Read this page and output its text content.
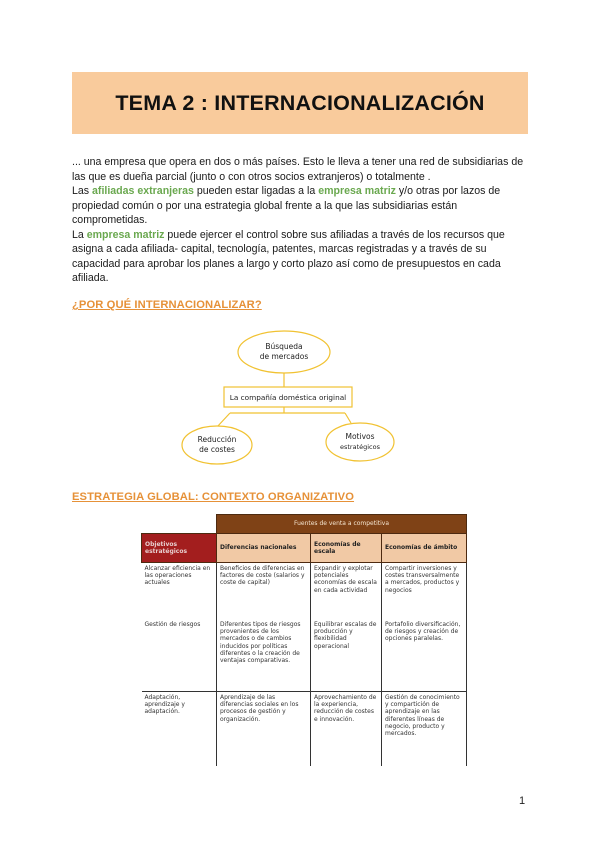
TEMA 2 : INTERNACIONALIZACIÓN

... una empresa que opera en dos o más países. Esto le lleva a tener una red de subsidiarias de las que es dueña parcial (junto o con otros socios extranjeros) o totalmente .

Las afiliadas extranjeras pueden estar ligadas a la empresa matriz y/o otras por lazos de propiedad común o por una estrategia global frente a la que las subsidiarias están comprometidas.

La empresa matriz puede ejercer el control sobre sus afiliadas a través de los recursos que asigna a cada afiliada- capital, tecnología, patentes, marcas registradas y a través de su capacidad para aprobar los planes a largo y corto plazo así como de presupuestos en cada afiliada.

¿POR QUÉ INTERNACIONALIZAR?
Búsqueda
de mercados
La compañía doméstica original
Reducción
de costes
Motivos
estratégicos
ESTRATEGIA GLOBAL: CONTEXTO ORGANIZATIVO
	Fuentes de venta a competitiva		
Objetivos estratégicos	Diferencias nacionales	Economías de escala	Economías de ámbito
Alcanzar eficiencia en las operaciones actuales	Beneficios de diferencias en factores de coste (salarios y coste de capital)	Expandir y explotar potenciales economías de escala en cada actividad	Compartir inversiones y costes transversalmente a mercados, productos y negocios
Gestión de riesgos	Diferentes tipos de riesgos provenientes de los mercados o de cambios inducidos por políticas diferentes o la creación de ventajas comparativas.	Equilibrar escalas de producción y flexibilidad operacional	Portafolio diversificación, de riesgos y creación de opciones paralelas.
Adaptación, aprendizaje y adaptación.	Aprendizaje de las diferencias sociales en los procesos de gestión y organización.	Aprovechamiento de la experiencia, reducción de costes e innovación.	Gestión de conocimiento y compartición de aprendizaje en las diferentes líneas de negocio, producto y mercados.
1
